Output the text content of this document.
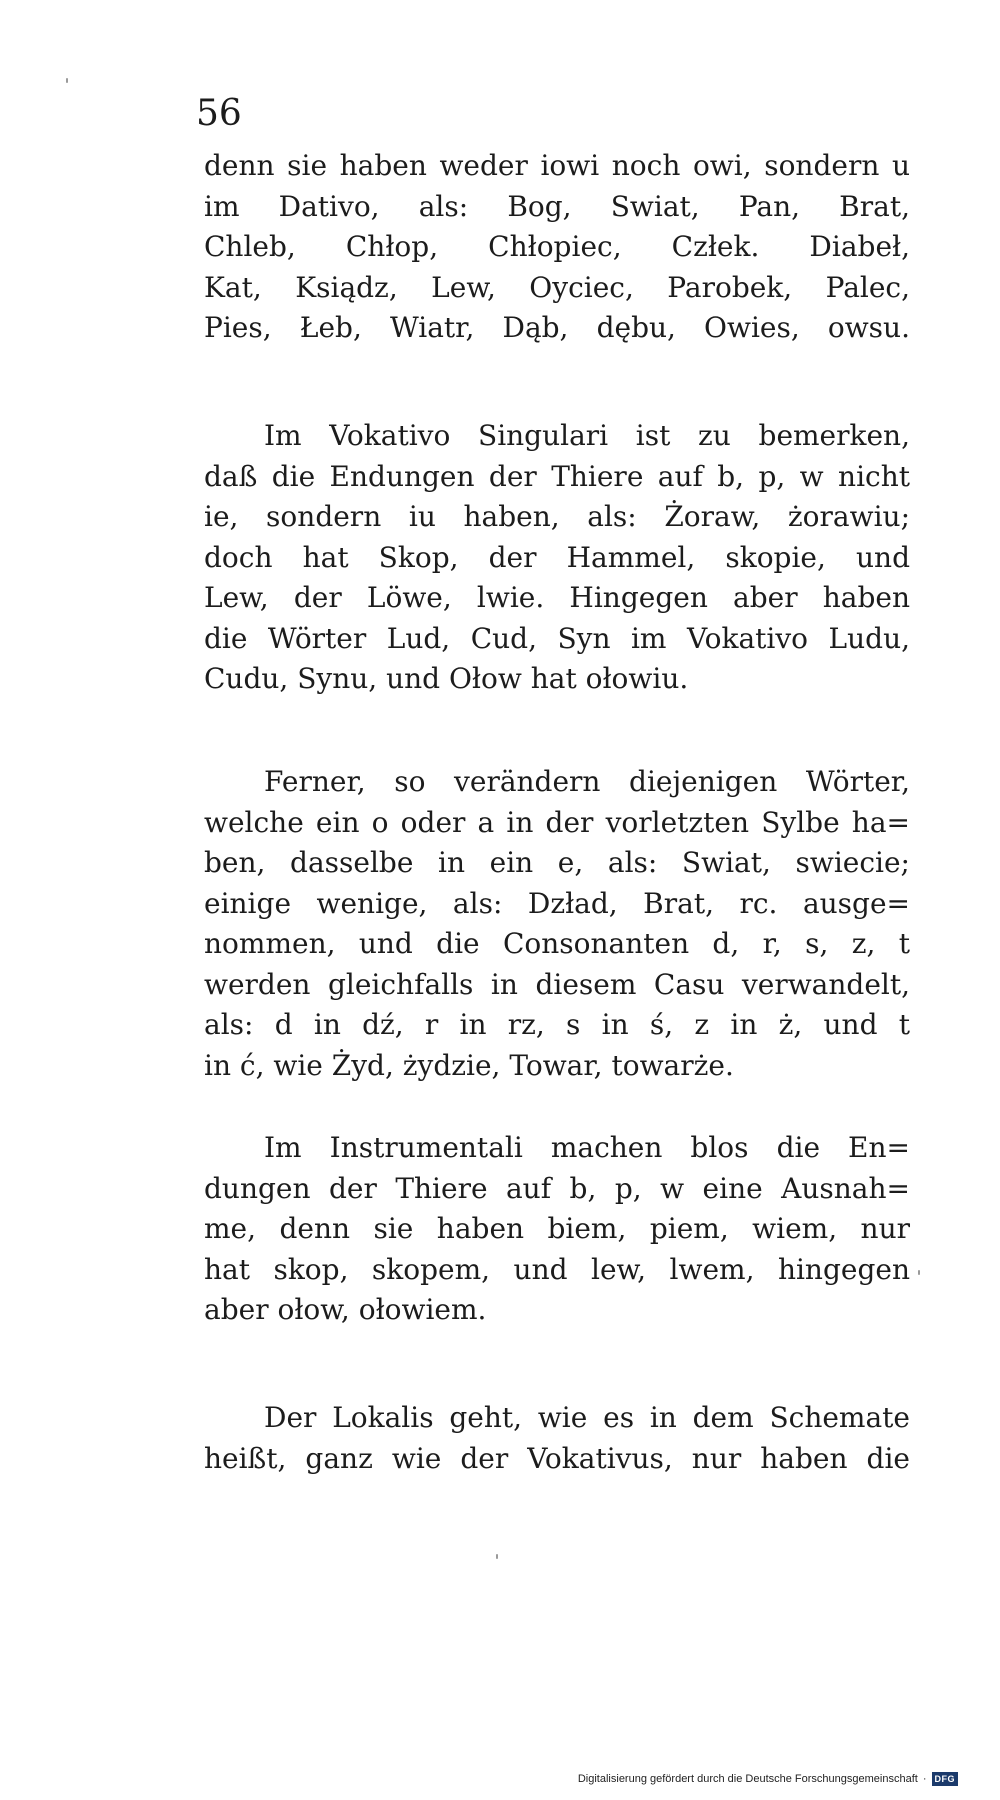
56
denn sie haben weder iowi noch owi, sondern u
im Dativo, als: Bog, Swiat, Pan, Brat,
Chleb, Chłop, Chłopiec, Człek. Diabeł,
Kat, Ksiądz, Lew, Oyciec, Parobek, Palec,
Pies, Łeb, Wiatr, Dąb, dębu, Owies, owsu.
Im Vokativo Singulari ist zu bemerken,
daß die Endungen der Thiere auf b, p, w nicht
ie, sondern iu haben, als: Żoraw, żorawiu;
doch hat Skop, der Hammel, skopie, und
Lew, der Löwe, lwie. Hingegen aber haben
die Wörter Lud, Cud, Syn im Vokativo Ludu,
Cudu, Synu, und Ołow hat ołowiu.
Ferner, so verändern diejenigen Wörter,
welche ein o oder a in der vorletzten Sylbe ha=
ben, dasselbe in ein e, als: Swiat, swiecie;
einige wenige, als: Dzład, Brat, rc. ausge=
nommen, und die Consonanten d, r, s, z, t
werden gleichfalls in diesem Casu verwandelt,
als: d in dź, r in rz, s in ś, z in ż, und t
in ć, wie Żyd, żydzie, Towar, towarże.
Im Instrumentali machen blos die En=
dungen der Thiere auf b, p, w eine Ausnah=
me, denn sie haben biem, piem, wiem, nur
hat skop, skopem, und lew, lwem, hingegen
aber ołow, ołowiem.
Der Lokalis geht, wie es in dem Schemate
heißt, ganz wie der Vokativus, nur haben die
Digitalisierung gefördert durch die Deutsche Forschungsgemeinschaft · DFG
